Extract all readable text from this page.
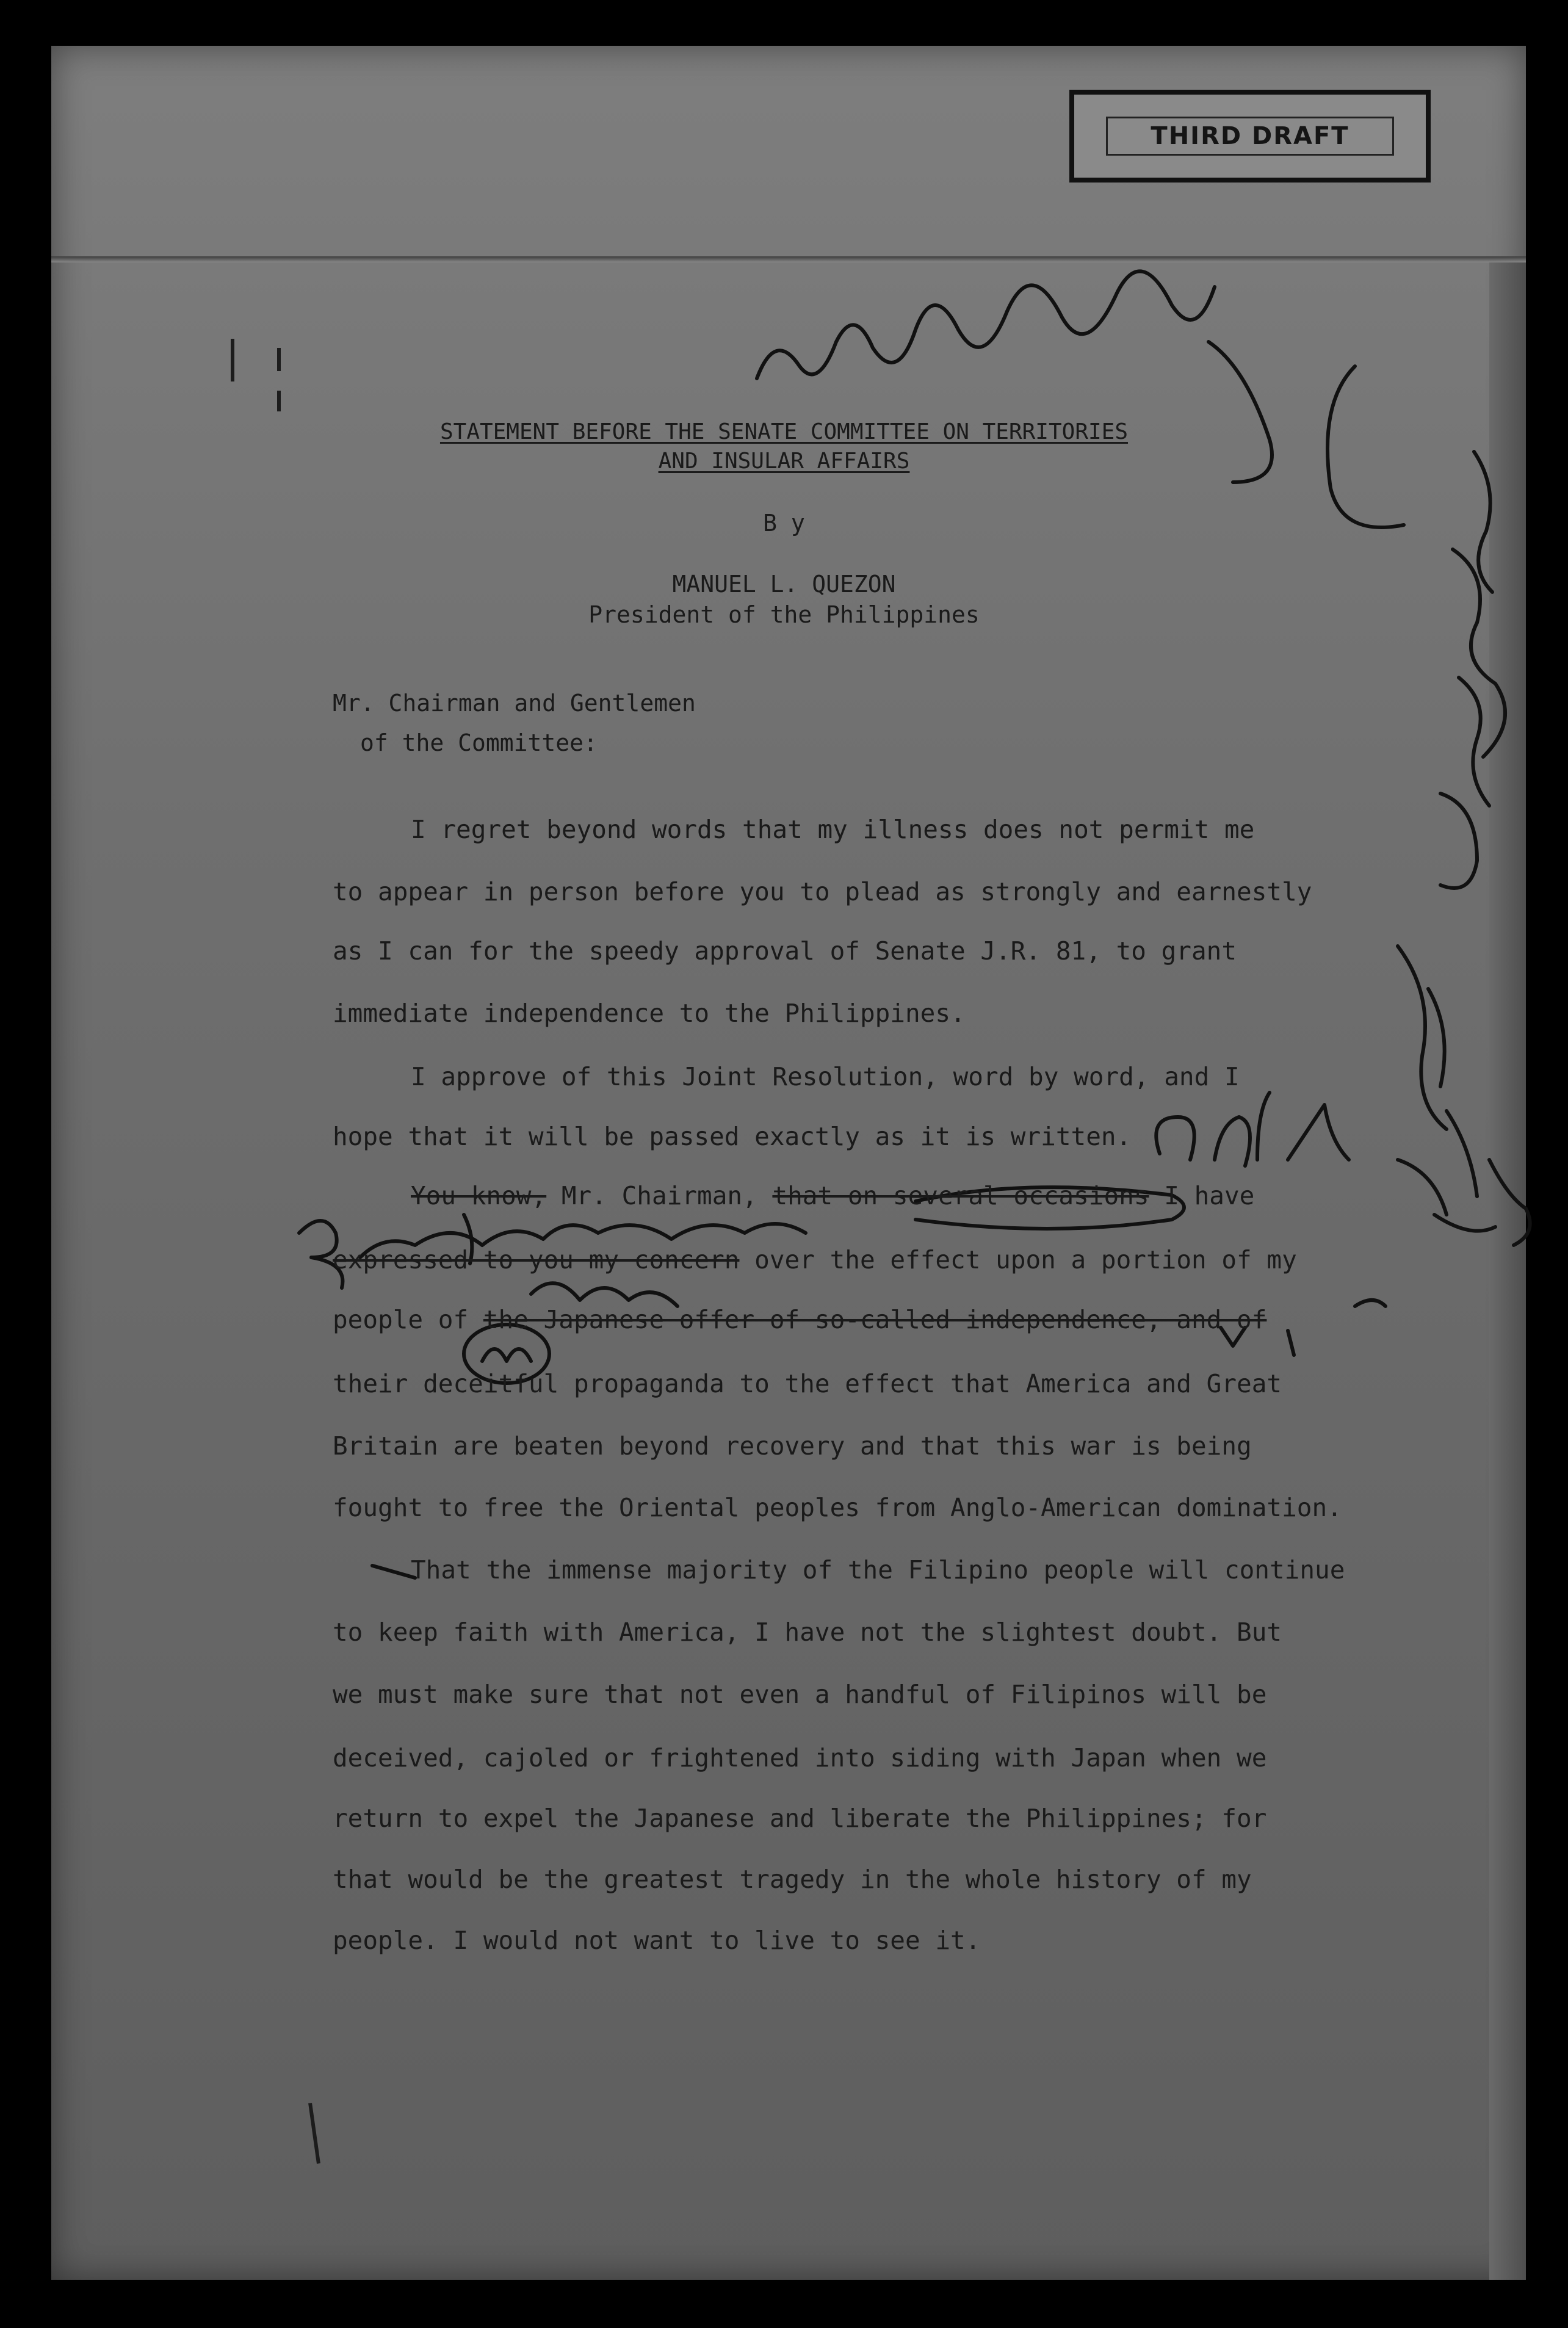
THIRD DRAFT
STATEMENT BEFORE THE SENATE COMMITTEE ON TERRITORIES
AND INSULAR AFFAIRS
B y
MANUEL L. QUEZON
President of the Philippines
Mr. Chairman and Gentlemen
of the Committee:
I regret beyond words that my illness does not permit me
to appear in person before you to plead as strongly and earnestly
as I can for the speedy approval of Senate J.R. 81, to grant
immediate independence to the Philippines.
I approve of this Joint Resolution, word by word, and I
hope that it will be passed exactly as it is written.
You know, Mr. Chairman, that on several occasions I have
expressed to you my concern over the effect upon a portion of my
people of the Japanese offer of so-called independence, and of
their deceitful propaganda to the effect that America and Great
Britain are beaten beyond recovery and that this war is being
fought to free the Oriental peoples from Anglo-American domination.
That the immense majority of the Filipino people will continue
to keep faith with America, I have not the slightest doubt. But
we must make sure that not even a handful of Filipinos will be
deceived, cajoled or frightened into siding with Japan when we
return to expel the Japanese and liberate the Philippines; for
that would be the greatest tragedy in the whole history of my
people. I would not want to live to see it.
